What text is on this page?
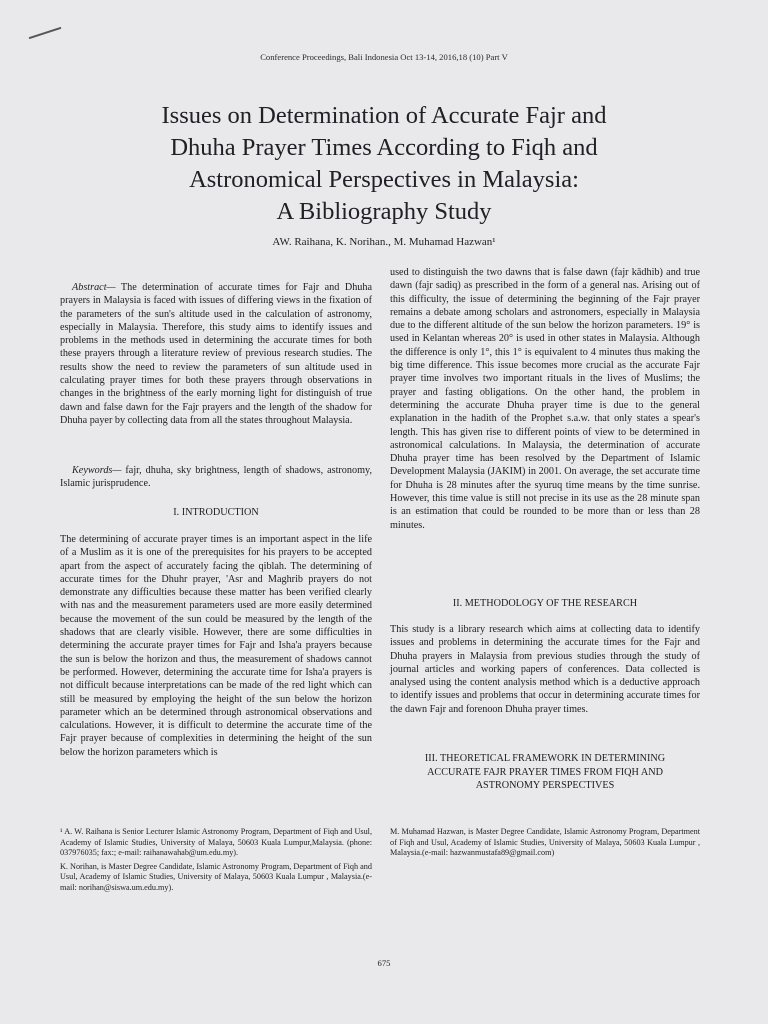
Conference Proceedings, Bali Indonesia Oct 13-14, 2016,18 (10) Part V
Issues on Determination of Accurate Fajr and
Dhuha Prayer Times According to Fiqh and
Astronomical Perspectives in Malaysia:
A Bibliography Study
AW. Raihana, K. Norihan., M. Muhamad Hazwan¹

Abstract— The determination of accurate times for Fajr and Dhuha prayers in Malaysia is faced with issues of differing views in the fixation of the parameters of the sun's altitude used in the calculation of astronomy, especially in Malaysia. Therefore, this study aims to identify issues and problems in the methods used in determining the accurate times for both these prayers through a literature review of previous research studies. The results show the need to review the parameters of sun altitude used in calculating prayer times for both these prayers through observations in changes in the brightness of the early morning light for distinguish of true dawn and false dawn for the Fajr prayers and the length of the shadow for Dhuha payer by collecting data from all the states throughout Malaysia.

Keywords— fajr, dhuha, sky brightness, length of shadows, astronomy, Islamic jurisprudence.

I. INTRODUCTION

The determining of accurate prayer times is an important aspect in the life of a Muslim as it is one of the prerequisites for his prayers to be accepted apart from the aspect of accurately facing the qiblah. The determining of accurate times for the Dhuhr prayer, 'Asr and Maghrib prayers do not demonstrate any difficulties because these matter has been verified clearly with nas and the measurement parameters used are more easily determined because the movement of the sun could be measured by the length of the shadows that are clearly visible. However, there are some difficulties in determining the accurate prayer times for Fajr and Isha'a prayers because the sun is below the horizon and thus, the measurement of shadows cannot be performed. However, determining the accurate time for Isha'a prayers is not difficult because interpretations can be made of the red light which can still be measured by employing the height of the sun below the horizon parameter which an be determined through astronomical observations and calculations. However, it is difficult to determine the accurate time of the Fajr prayer because of complexities in determining the height of the sun below the horizon parameters which is

used to distinguish the two dawns that is false dawn (fajr kādhib) and true dawn (fajr sadiq) as prescribed in the form of a general nas. Arising out of this difficulty, the issue of determining the beginning of the Fajr prayer remains a debate among scholars and astronomers, especially in Malaysia due to the different altitude of the sun below the horizon parameters. 19° is used in Kelantan whereas 20° is used in other states in Malaysia. Although the difference is only 1°, this 1° is equivalent to 4 minutes thus making the big time difference. This issue becomes more crucial as the accurate Fajr prayer time involves two important rituals in the lives of Muslims; the prayer and fasting obligations. On the other hand, the problem in determining the accurate Dhuha prayer time is due to the general explanation in the hadith of the Prophet s.a.w. that only states a spear's length. This has given rise to different points of view to be determined in astronomical calculations. In Malaysia, the determination of accurate Dhuha prayer time has been resolved by the Department of Islamic Development Malaysia (JAKIM) in 2001. On average, the set accurate time for Dhuha is 28 minutes after the syuruq time means by the time sunrise. However, this time value is still not precise in its use as the 28 minute span is an estimation that could be rounded to be more than or less than 28 minutes.

II. METHODOLOGY OF THE RESEARCH

This study is a library research which aims at collecting data to identify issues and problems in determining the accurate times for the Fajr and Dhuha prayers in Malaysia from previous studies through the study of journal articles and working papers of conferences. Data collected is analysed using the content analysis method which is a deductive approach to identify issues and problems that occur in determining accurate times for the dawn Fajr and forenoon Dhuha prayer times.

III. THEORETICAL FRAMEWORK IN DETERMINING
ACCURATE FAJR PRAYER TIMES FROM FIQH AND
ASTRONOMY PERSPECTIVES

¹ A. W. Raihana is Senior Lecturer Islamic Astronomy Program, Department of Fiqh and Usul, Academy of Islamic Studies, University of Malaya, 50603 Kuala Lumpur,Malaysia. (phone: 037976035; fax:; e-mail: raihanawahab@um.edu.my).

K. Norihan, is Master Degree Candidate, Islamic Astronomy Program, Department of Fiqh and Usul, Academy of Islamic Studies, University of Malaya, 50603 Kuala Lumpur , Malaysia.(e-mail: norihan@siswa.um.edu.my).

M. Muhamad Hazwan, is Master Degree Candidate, Islamic Astronomy Program, Department of Fiqh and Usul, Academy of Islamic Studies, University of Malaya, 50603 Kuala Lumpur , Malaysia.(e-mail: hazwanmustafa89@gmail.com)

675
